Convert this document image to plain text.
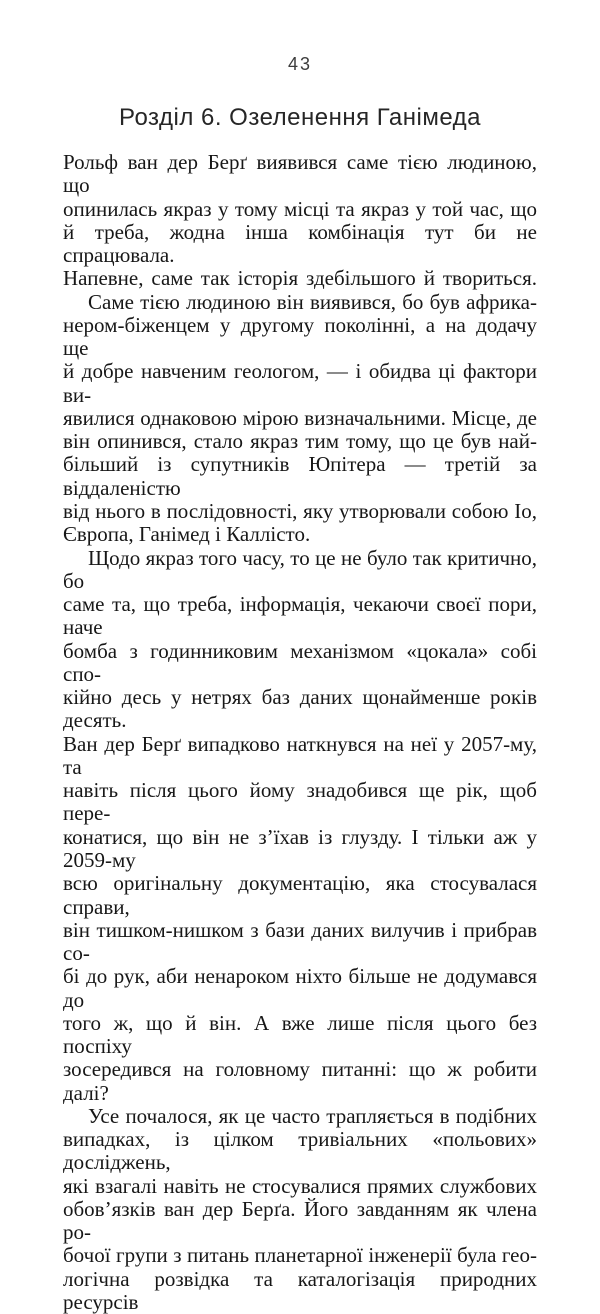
43
Розділ 6. Озеленення Ганімеда
Рольф ван дер Берґ виявився саме тією людиною, що
опинилась якраз у тому місці та якраз у той час, що
й треба, жодна інша комбінація тут би не спрацювала.
Напевне, саме так історія здебільшого й твориться.
Саме тією людиною він виявився, бо був африка-
нером-біженцем у другому поколінні, а на додачу ще
й добре навченим геологом, — і обидва ці фактори ви-
явилися однаковою мірою визначальними. Місце, де
він опинився, стало якраз тим тому, що це був най-
більший із супутників Юпітера — третій за віддаленістю
від нього в послідовності, яку утворювали собою Іо,
Європа, Ганімед і Каллісто.
Щодо якраз того часу, то це не було так критично, бо
саме та, що треба, інформація, чекаючи своєї пори, наче
бомба з годинниковим механізмом «цокала» собі спо-
кійно десь у нетрях баз даних щонайменше років десять.
Ван дер Берґ випадково наткнувся на неї у 2057-му, та
навіть після цього йому знадобився ще рік, щоб пере-
конатися, що він не з’їхав із глузду. І тільки аж у 2059-му
всю оригінальну документацію, яка стосувалася справи,
він тишком-нишком з бази даних вилучив і прибрав со-
бі до рук, аби ненароком ніхто більше не додумався до
того ж, що й він. А вже лише після цього без поспіху
зосередився на головному питанні: що ж робити далі?
Усе почалося, як це часто трапляється в подібних
випадках, із цілком тривіальних «польових» досліджень,
які взагалі навіть не стосувалися прямих службових
обов’язків ван дер Берґа. Його завданням як члена ро-
бочої групи з питань планетарної інженерії була гео-
логічна розвідка та каталогізація природних ресурсів
